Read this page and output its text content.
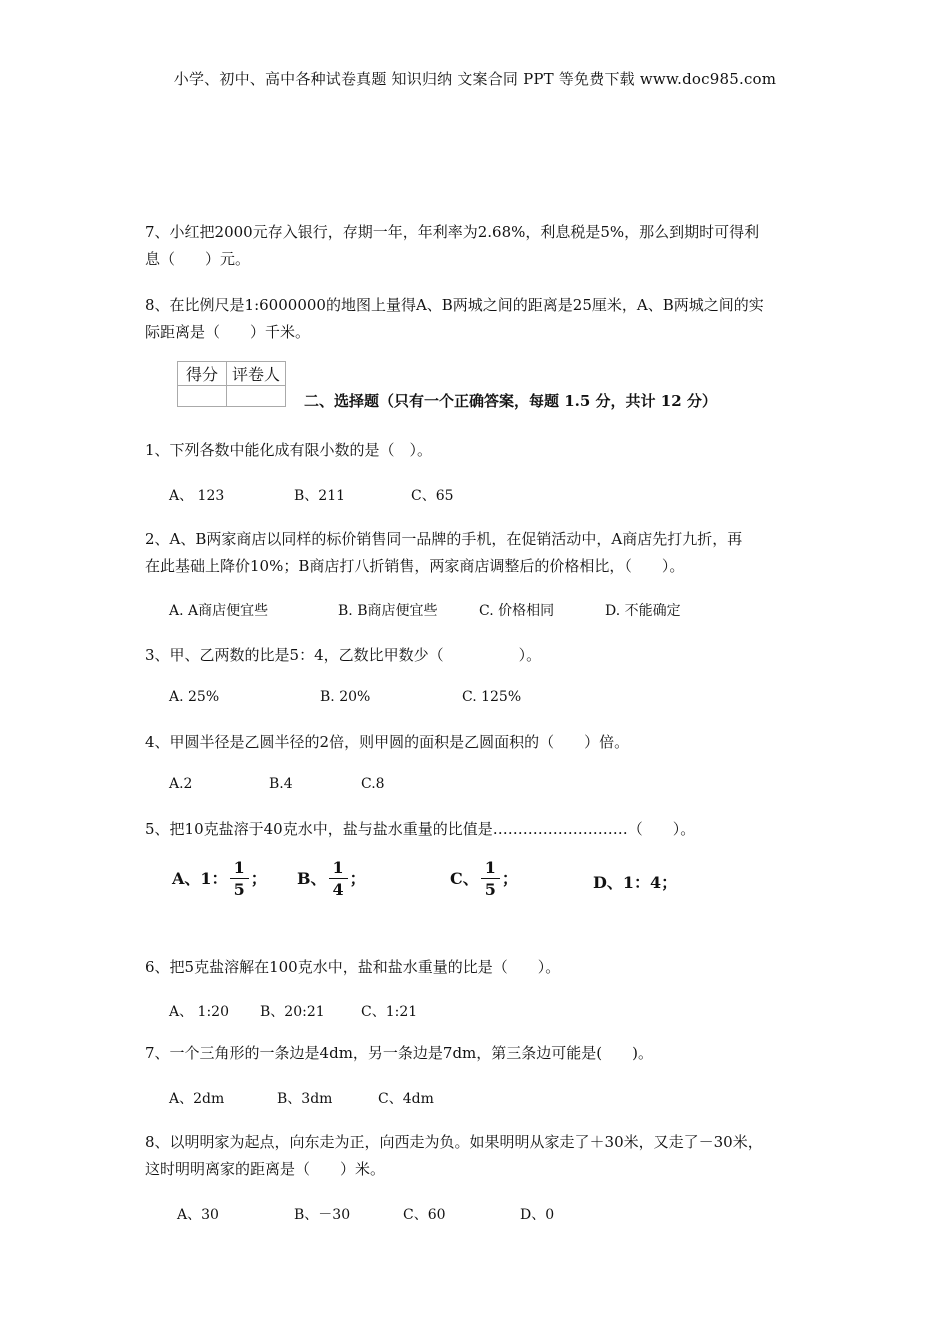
小学、初中、高中各种试卷真题 知识归纳 文案合同 PPT 等免费下载 www.doc985.com
7、小红把2000元存入银行，存期一年，年利率为2.68%，利息税是5%，那么到期时可得利
息（　　）元。
8、在比例尺是1:6000000的地图上量得A、B两城之间的距离是25厘米，A、B两城之间的实
际距离是（　　）千米。
得分	评卷人

二、选择题（只有一个正确答案，每题 1.5 分，共计 12 分）
1、下列各数中能化成有限小数的是（　）。
A、 123	B、211	C、65
2、A、B两家商店以同样的标价销售同一品牌的手机，在促销活动中，A商店先打九折，再
在此基础上降价10%；B商店打八折销售，两家商店调整后的价格相比，（　　）。
A. A商店便宜些	B. B商店便宜些	C. 价格相同	D. 不能确定
3、甲、乙两数的比是5：4，乙数比甲数少（　　　　　）。
A. 25%	B. 20%	C. 125%
4、甲圆半径是乙圆半径的2倍，则甲圆的面积是乙圆面积的（　　）倍。
A.2	B.4	C.8
5、把10克盐溶于40克水中，盐与盐水重量的比值是………………………（　　）。
A、1： $\frac{1}{5}$ ； B、 $\frac{1}{4}$ ；	C、 $\frac{1}{5}$ ；	D、1：4；
6、把5克盐溶解在100克水中，盐和盐水重量的比是（　　）。
A、 1:20 B、20:21	C、1:21
7、一个三角形的一条边是4dm，另一条边是7dm，第三条边可能是(　　)。
A、2dm	B、3dm	C、4dm
8、以明明家为起点，向东走为正，向西走为负。如果明明从家走了＋30米，又走了－30米，
这时明明离家的距离是（　　）米。
A、30	B、－30	C、60	D、0
